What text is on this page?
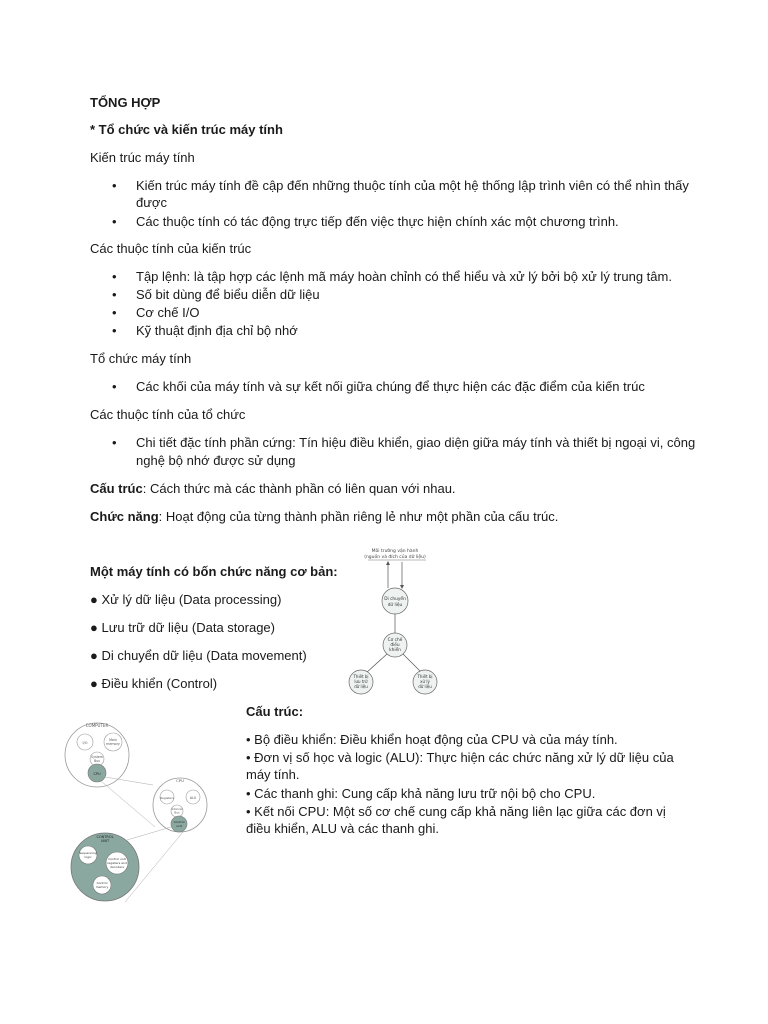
TỔNG HỢP
* Tổ chức và kiến trúc máy tính
Kiến trúc máy tính
• Kiến trúc máy tính đề cập đến những thuộc tính của một hệ thống lập trình viên có thể nhìn thấy
được
• Các thuộc tính có tác động trực tiếp đến việc thực hiện chính xác một chương trình.
Các thuộc tính của kiến trúc
• Tập lệnh: là tập hợp các lệnh mã máy hoàn chỉnh có thể hiểu và xử lý bởi bộ xử lý trung tâm.
• Số bit dùng để biểu diễn dữ liệu
• Cơ chế I/O
• Kỹ thuật định địa chỉ bộ nhớ
Tổ chức máy tính
• Các khối của máy tính và sự kết nối giữa chúng để thực hiện các đặc điểm của kiến trúc
Các thuộc tính của tổ chức
• Chi tiết đặc tính phần cứng: Tín hiệu điều khiển, giao diện giữa máy tính và thiết bị ngoại vi, công
nghệ bộ nhớ được sử dụng
Cấu trúc: Cách thức mà các thành phần có liên quan với nhau.
Chức năng: Hoạt động của từng thành phần riêng lẻ như một phần của cấu trúc.
Một máy tính có bốn chức năng cơ bản:
● Xử lý dữ liệu (Data processing)
● Lưu trữ dữ liệu (Data storage)
● Di chuyển dữ liệu (Data movement)
● Điều khiển (Control)
Môi trường vận hành
(nguồn và đích của dữ liệu)
Di chuyển
dữ liệu
Cơ chế
điều
khiển
Thiết bị
lưu trữ
dữ liệu
Thiết bị
xử lý
dữ liệu
COMPUTER
I/O
Main
memory
System
Bus
CPU
CPU
Registers	ALU
Internal
Bus
Control
unit
CONTROL
UNIT
Sequencing
logic	Control unit
registers and
decoders
Control
memory
Cấu trúc:
• Bộ điều khiển: Điều khiển hoạt động của CPU và của máy tính.
• Đơn vị số học và logic (ALU): Thực hiện các chức năng xử lý dữ liệu của
máy tính.
• Các thanh ghi: Cung cấp khả năng lưu trữ nội bộ cho CPU.
• Kết nối CPU: Một số cơ chế cung cấp khả năng liên lạc giữa các đơn vị
điều khiển, ALU và các thanh ghi.
